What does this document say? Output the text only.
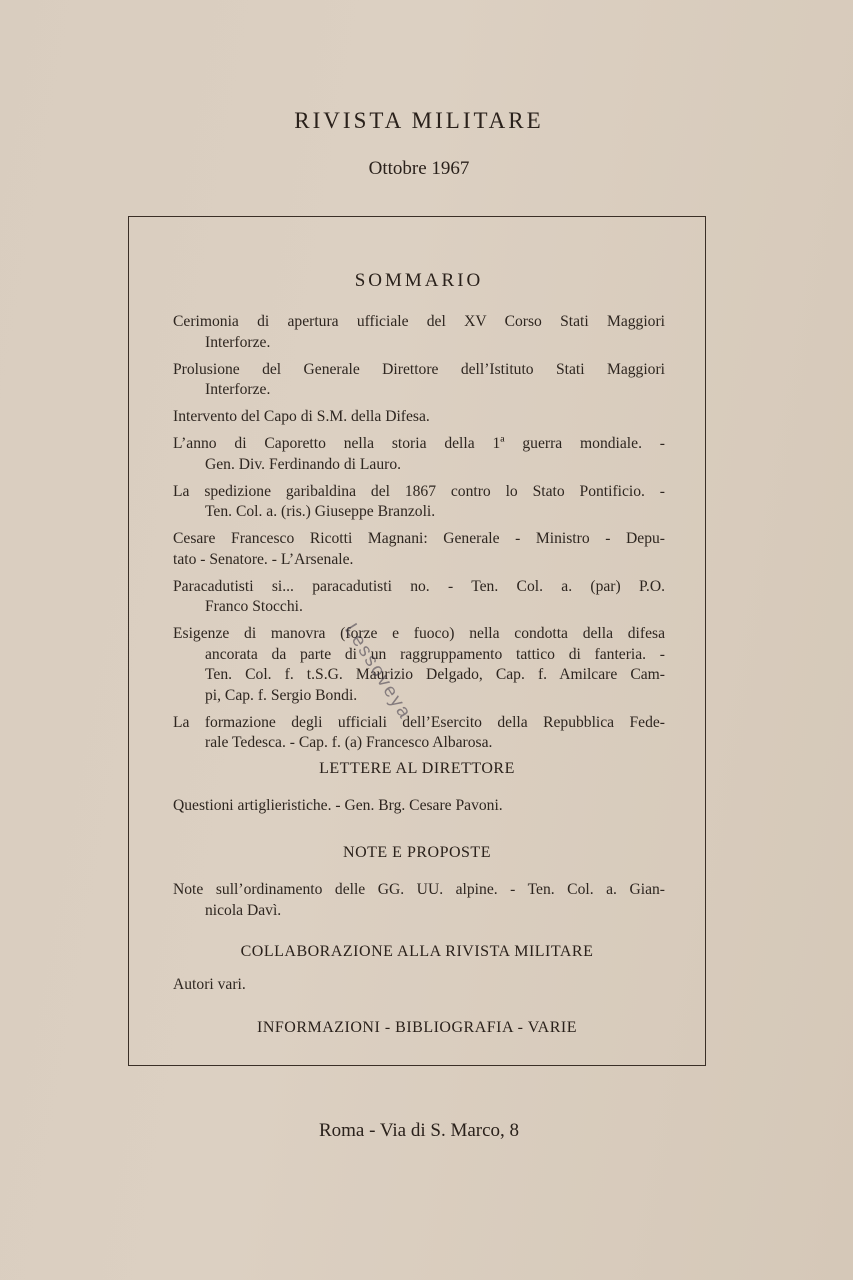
RIVISTA MILITARE
Ottobre 1967
SOMMARIO
Cerimonia di apertura ufficiale del XV Corso Stati Maggiori
Interforze.
Prolusione del Generale Direttore dell’Istituto Stati Maggiori
Interforze.
Intervento del Capo di S.M. della Difesa.
L’anno di Caporetto nella storia della 1ª guerra mondiale. -
Gen. Div. Ferdinando di Lauro.
La spedizione garibaldina del 1867 contro lo Stato Pontificio. -
Ten. Col. a. (ris.) Giuseppe Branzoli.
Cesare Francesco Ricotti Magnani: Generale - Ministro - Depu-
tato - Senatore. - L’Arsenale.
Paracadutisti si... paracadutisti no. - Ten. Col. a. (par) P.O.
Franco Stocchi.
Esigenze di manovra (forze e fuoco) nella condotta della difesa
ancorata da parte di un raggruppamento tattico di fanteria. -
Ten. Col. f. t.S.G. Maurizio Delgado, Cap. f. Amilcare Cam-
pi, Cap. f. Sergio Bondi.
La formazione degli ufficiali dell’Esercito della Repubblica Fede-
rale Tedesca. - Cap. f. (a) Francesco Albarosa.
LETTERE AL DIRETTORE
Questioni artiglieristiche. - Gen. Brg. Cesare Pavoni.
NOTE E PROPOSTE
Note sull’ordinamento delle GG. UU. alpine. - Ten. Col. a. Gian-
nicola Davì.
COLLABORAZIONE ALLA RIVISTA MILITARE
Autori vari.
INFORMAZIONI - BIBLIOGRAFIA - VARIE
Roma - Via di S. Marco, 8
Lessoveya
